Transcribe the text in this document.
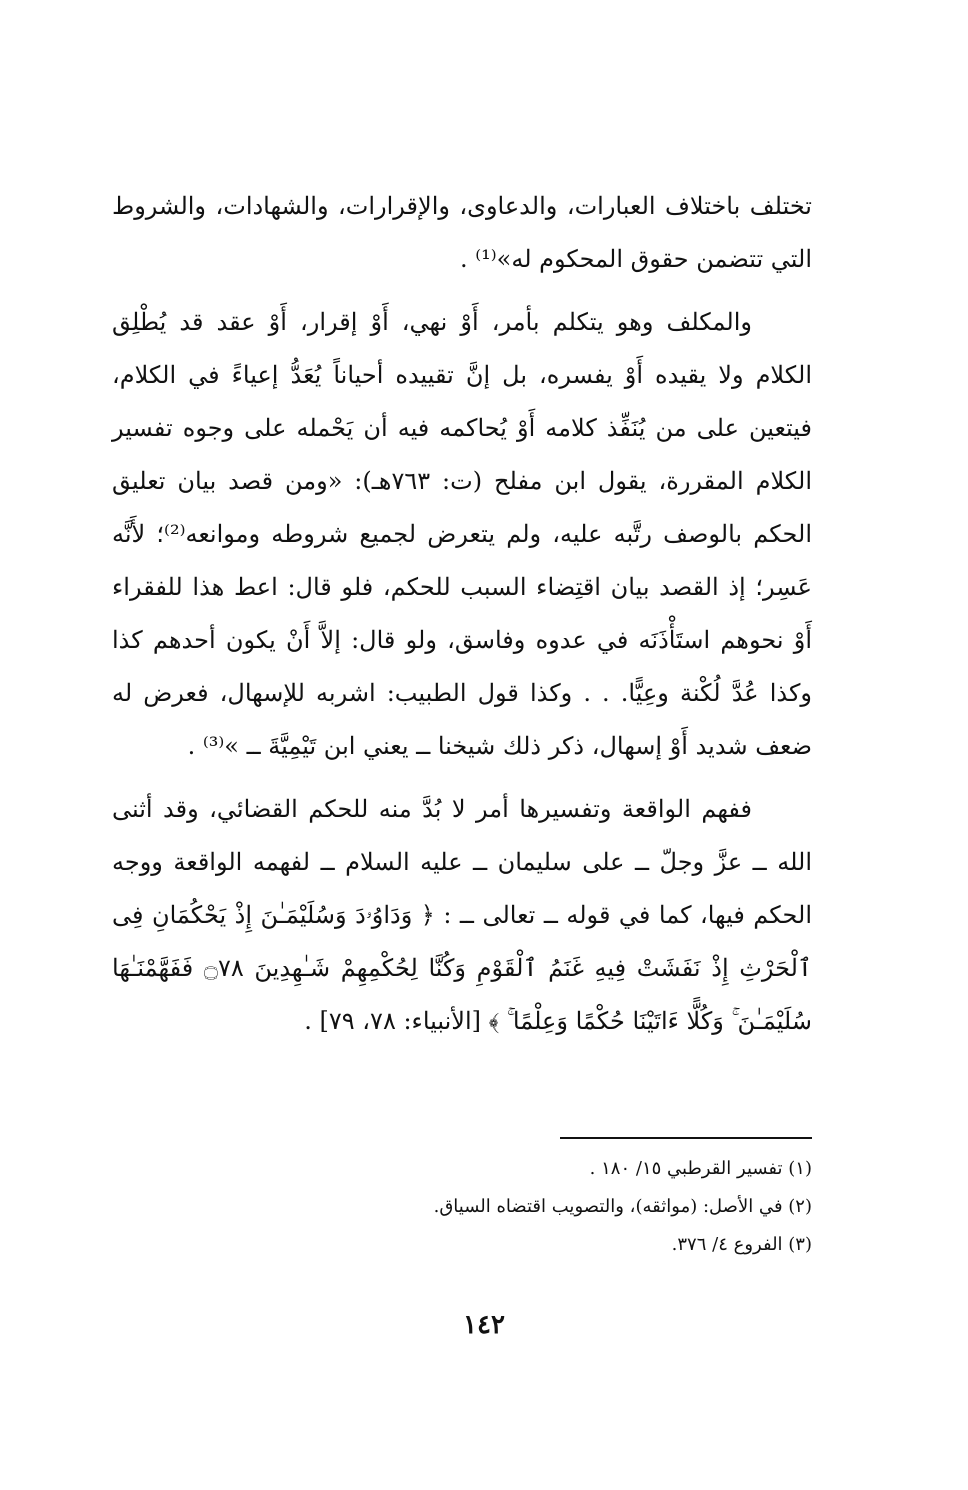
تختلف باختلاف العبارات، والدعاوى، والإقرارات، والشهادات، والشروط التي تتضمن حقوق المحكوم له»⁽¹⁾ .

والمكلف وهو يتكلم بأمر، أَوْ نهي، أَوْ إقرار، أَوْ عقد قد يُطْلِق الكلام ولا يقيده أَوْ يفسره، بل إنَّ تقييده أحياناً يُعَدُّ إعياءً في الكلام، فيتعين على من يُنَفِّذ كلامه أَوْ يُحاكمه فيه أن يَحْمله على وجوه تفسير الكلام المقررة، يقول ابن مفلح (ت: ٧٦٣هـ): «ومن قصد بيان تعليق الحكم بالوصف رتَّبه عليه، ولم يتعرض لجميع شروطه وموانعه⁽²⁾؛ لأَنَّه عَسِر؛ إذ القصد بيان اقتِضاء السبب للحكم، فلو قال: اعط هذا للفقراء أَوْ نحوهم استَأْذَنَه في عدوه وفاسق، ولو قال: إلاَّ أَنْ يكون أحدهم كذا وكذا عُدَّ لُكْنة وعِيًّا. . . وكذا قول الطبيب: اشربه للإسهال، فعرض له ضعف شديد أَوْ إسهال، ذكر ذلك شيخنا ــ يعني ابن تَيْمِيَّةَ ــ »⁽³⁾ .

ففهم الواقعة وتفسيرها أمر لا بُدَّ منه للحكم القضائي، وقد أثنى الله ــ عزَّ وجلّ ــ على سليمان ــ عليه السلام ــ لفهمه الواقعة ووجه الحكم فيها، كما في قوله ــ تعالى ــ : ﴿ وَدَاوُۥدَ وَسُلَيْمَـٰنَ إِذْ يَحْكُمَانِ فِى ٱلْحَرْثِ إِذْ نَفَشَتْ فِيهِ غَنَمُ ٱلْقَوْمِ وَكُنَّا لِحُكْمِهِمْ شَـٰهِدِينَ ۝٧٨ فَفَهَّمْنَـٰهَا سُلَيْمَـٰنَ ۚ وَكُلًّا ءَاتَيْنَا حُكْمًا وَعِلْمًا ۚ ﴾ [الأنبياء: ٧٨، ٧٩] .

(١) تفسير القرطبي ١٥/ ١٨٠ .

(٢) في الأصل: (مواثقه)، والتصويب اقتضاه السياق.

(٣) الفروع ٤/ ٣٧٦.

١٤٢
